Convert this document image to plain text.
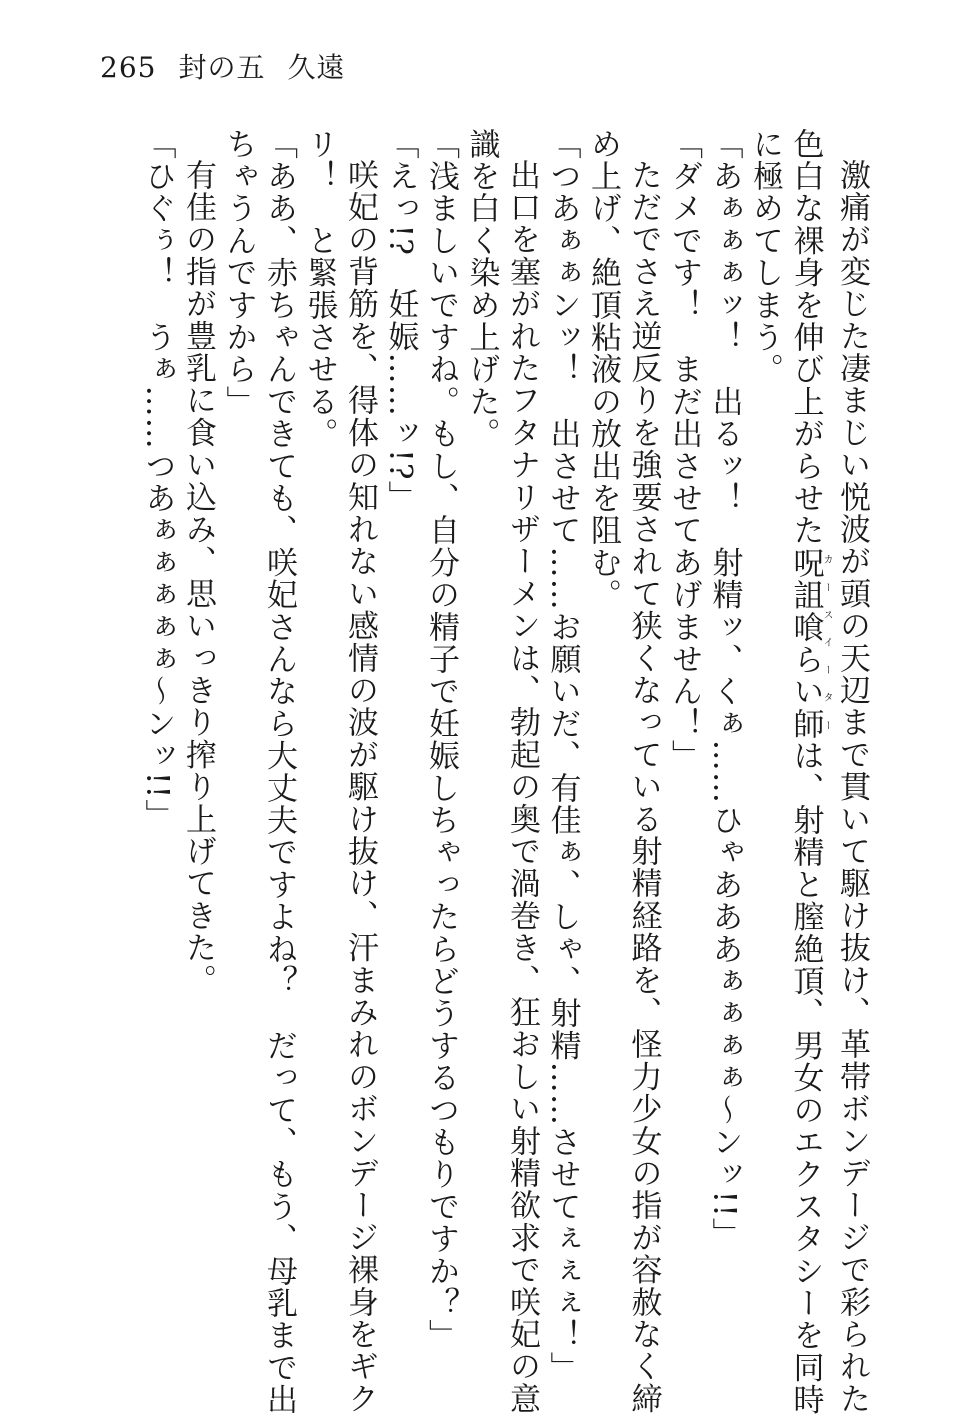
265 封の五 久遠
激痛が変じた凄まじい悦波が頭の天辺まで貫いて駆け抜け、革帯ボンデージで彩られた
色白な裸身を伸び上がらせた呪詛喰らい師カースイーターは、射精と膣絶頂、男女のエクスタシーを同時
に極めてしまう。
「あぁぁぁッ！　出るッ！　射精ッ、くぁ……ひゃあああぁぁぁぁ～ンッ!!」
「ダメです！　まだ出させてあげません！」
ただでさえ逆反りを強要されて狭くなっている射精経路を、怪力少女の指が容赦なく締
め上げ、絶頂粘液の放出を阻む。
「つあぁぁンッ！　出させて……お願いだ、有佳ぁ、しゃ、射精……させてぇぇぇ！」
出口を塞がれたフタナリザーメンは、勃起の奥で渦巻き、狂おしい射精欲求で咲妃の意
識を白く染め上げた。
「浅ましいですね。もし、自分の精子で妊娠しちゃったらどうするつもりですか？」
「えっ!?　妊娠……ッ!?」
咲妃の背筋を、得体の知れない感情の波が駆け抜け、汗まみれのボンデージ裸身をギク
リ！　と緊張させる。
「ああ、赤ちゃんできても、咲妃さんなら大丈夫ですよね？　だって、もう、母乳まで出
ちゃうんですから」
有佳の指が豊乳に食い込み、思いっきり搾り上げてきた。
「ひぐぅ！　うぁ……つあぁぁぁぁぁ～ンッ!!」
